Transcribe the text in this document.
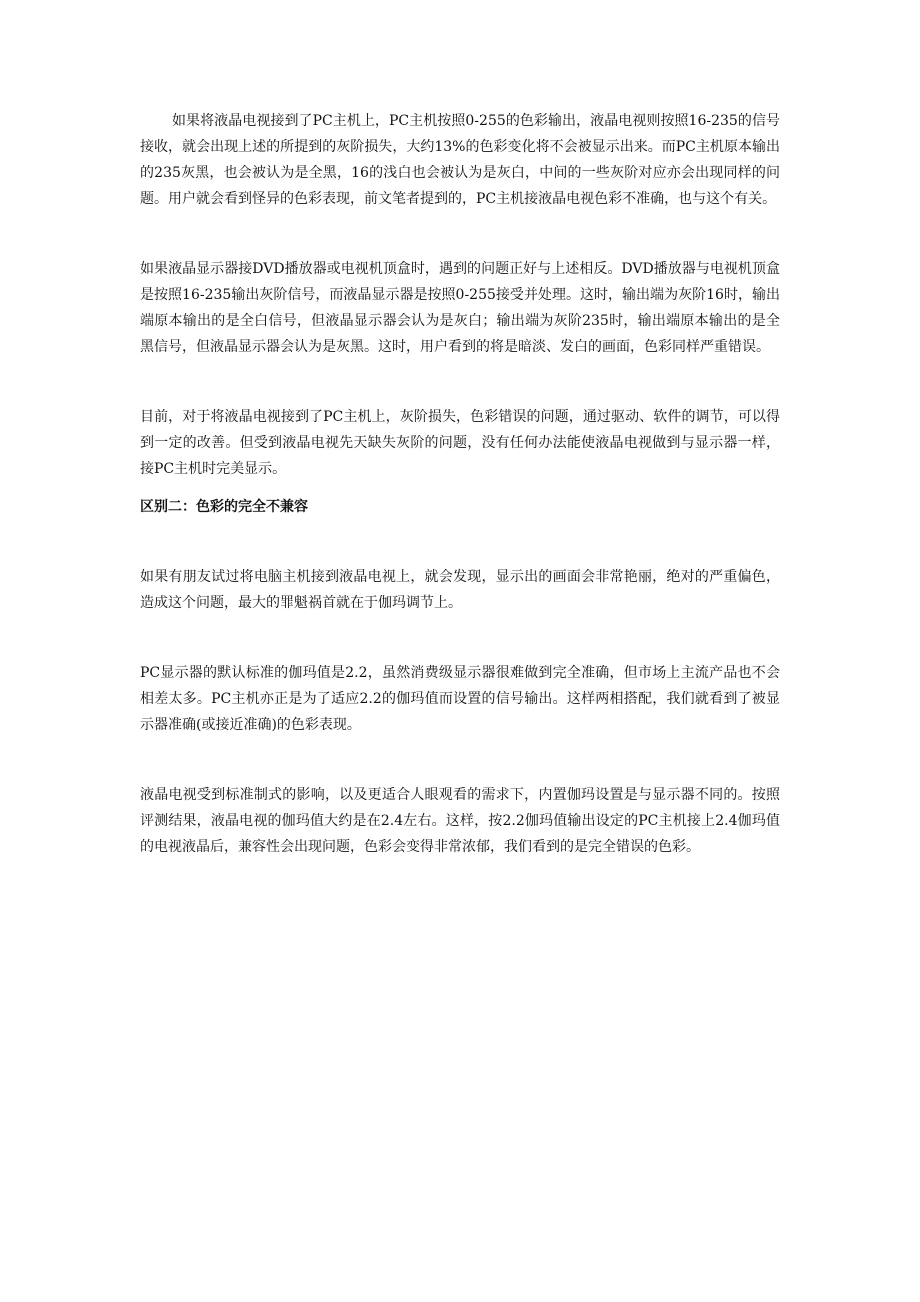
如果将液晶电视接到了PC主机上，PC主机按照0-255的色彩输出，液晶电视则按照16-235的信号接收，就会出现上述的所提到的灰阶损失，大约13%的色彩变化将不会被显示出来。而PC主机原本输出的235灰黑，也会被认为是全黑，16的浅白也会被认为是灰白，中间的一些灰阶对应亦会出现同样的问题。用户就会看到怪异的色彩表现，前文笔者提到的，PC主机接液晶电视色彩不准确，也与这个有关。

如果液晶显示器接DVD播放器或电视机顶盒时，遇到的问题正好与上述相反。DVD播放器与电视机顶盒是按照16-235输出灰阶信号，而液晶显示器是按照0-255接受并处理。这时，输出端为灰阶16时，输出端原本输出的是全白信号，但液晶显示器会认为是灰白；输出端为灰阶235时，输出端原本输出的是全黑信号，但液晶显示器会认为是灰黑。这时，用户看到的将是暗淡、发白的画面，色彩同样严重错误。

目前，对于将液晶电视接到了PC主机上，灰阶损失，色彩错误的问题，通过驱动、软件的调节，可以得到一定的改善。但受到液晶电视先天缺失灰阶的问题，没有任何办法能使液晶电视做到与显示器一样，接PC主机时完美显示。

区别二：色彩的完全不兼容

如果有朋友试过将电脑主机接到液晶电视上，就会发现，显示出的画面会非常艳丽，绝对的严重偏色，造成这个问题，最大的罪魁祸首就在于伽玛调节上。

PC显示器的默认标准的伽玛值是2.2，虽然消费级显示器很难做到完全准确，但市场上主流产品也不会相差太多。PC主机亦正是为了适应2.2的伽玛值而设置的信号输出。这样两相搭配，我们就看到了被显示器准确(或接近准确)的色彩表现。

液晶电视受到标准制式的影响，以及更适合人眼观看的需求下，内置伽玛设置是与显示器不同的。按照评测结果，液晶电视的伽玛值大约是在2.4左右。这样，按2.2伽玛值输出设定的PC主机接上2.4伽玛值的电视液晶后，兼容性会出现问题，色彩会变得非常浓郁，我们看到的是完全错误的色彩。
